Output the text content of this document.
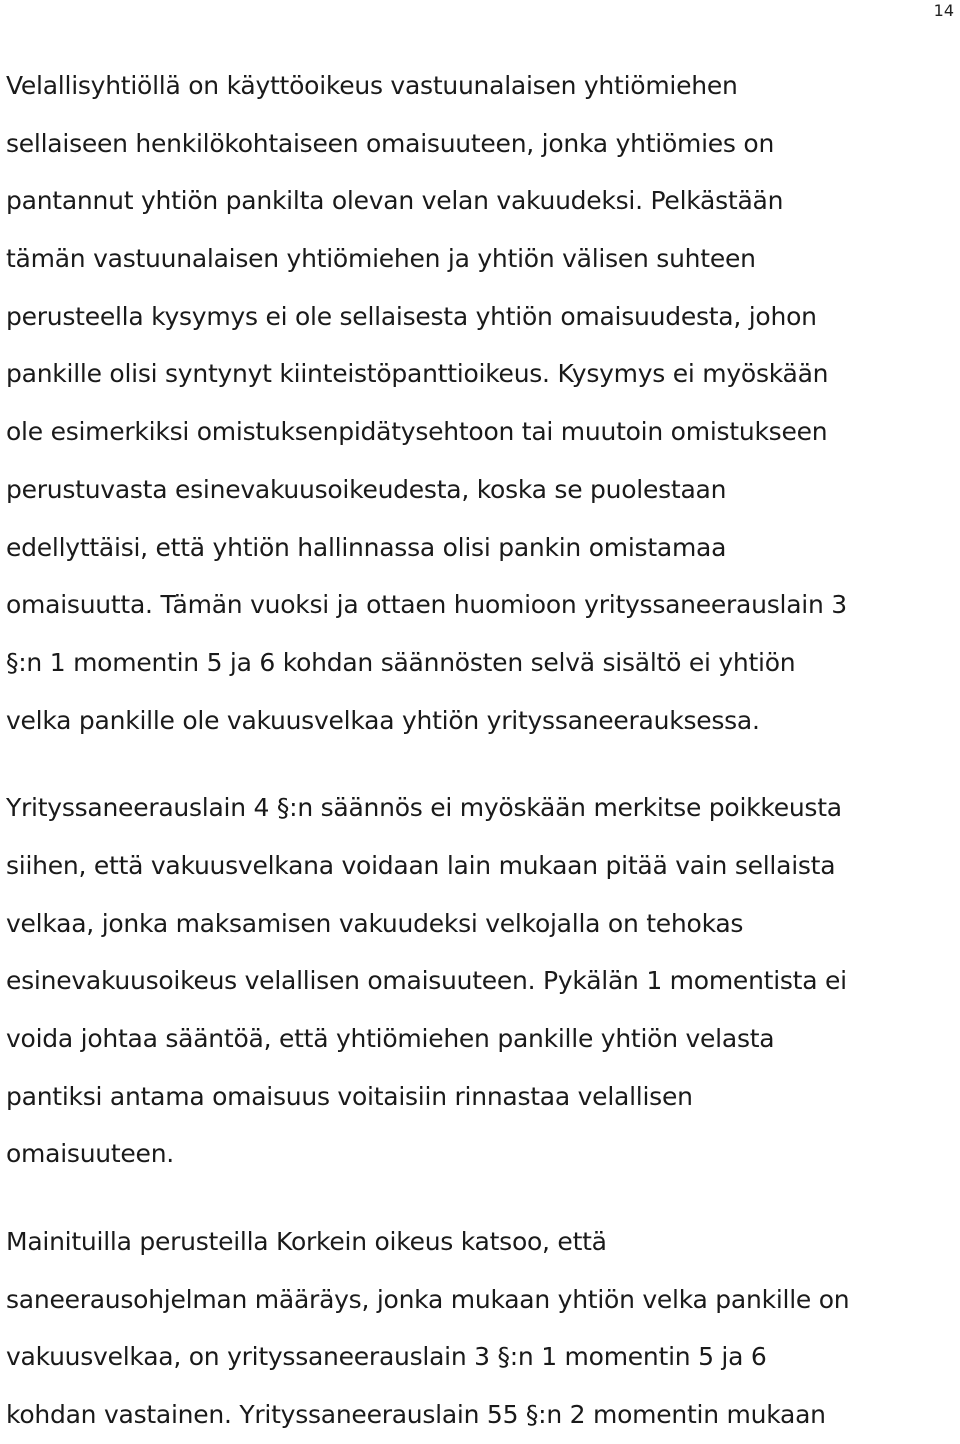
14

Velallisyhtiöllä on käyttöoikeus vastuunalaisen yhtiömiehen
sellaiseen henkilökohtaiseen omaisuuteen, jonka yhtiömies on
pantannut yhtiön pankilta olevan velan vakuudeksi. Pelkästään
tämän vastuunalaisen yhtiömiehen ja yhtiön välisen suhteen
perusteella kysymys ei ole sellaisesta yhtiön omaisuudesta, johon
pankille olisi syntynyt kiinteistöpanttioikeus. Kysymys ei myöskään
ole esimerkiksi omistuksenpidätysehtoon tai muutoin omistukseen
perustuvasta esinevakuusoikeudesta, koska se puolestaan
edellyttäisi, että yhtiön hallinnassa olisi pankin omistamaa
omaisuutta. Tämän vuoksi ja ottaen huomioon yrityssaneerauslain 3
§:n 1 momentin 5 ja 6 kohdan säännösten selvä sisältö ei yhtiön
velka pankille ole vakuusvelkaa yhtiön yrityssaneerauksessa.

Yrityssaneerauslain 4 §:n säännös ei myöskään merkitse poikkeusta
siihen, että vakuusvelkana voidaan lain mukaan pitää vain sellaista
velkaa, jonka maksamisen vakuudeksi velkojalla on tehokas
esinevakuusoikeus velallisen omaisuuteen. Pykälän 1 momentista ei
voida johtaa sääntöä, että yhtiömiehen pankille yhtiön velasta
pantiksi antama omaisuus voitaisiin rinnastaa velallisen
omaisuuteen.

Mainituilla perusteilla Korkein oikeus katsoo, että
saneerausohjelman määräys, jonka mukaan yhtiön velka pankille on
vakuusvelkaa, on yrityssaneerauslain 3 §:n 1 momentin 5 ja 6
kohdan vastainen. Yrityssaneerauslain 55 §:n 2 momentin mukaan
